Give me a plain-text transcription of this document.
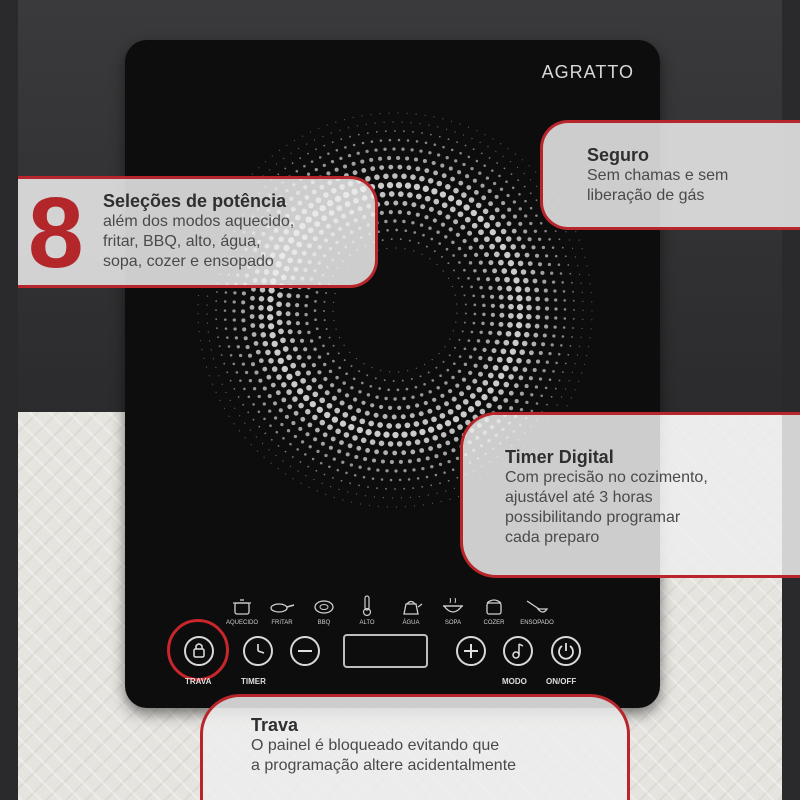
AGRATTO
AQUECIDO	FRITAR	BBQ	ALTO	ÁGUA	SOPA	COZER	ENSOPADO
TRAVA	TIMER	MODO ON/OFF
8 Seleções de potência

além dos modos aquecido,

fritar, BBQ, alto, água,

sopa, cozer e ensopado

Seguro

Sem chamas e sem

liberação de gás

Timer Digital

Com precisão no cozimento,

ajustável até 3 horas

possibilitando programar

cada preparo

Trava

O painel é bloqueado evitando que

a programação altere acidentalmente
